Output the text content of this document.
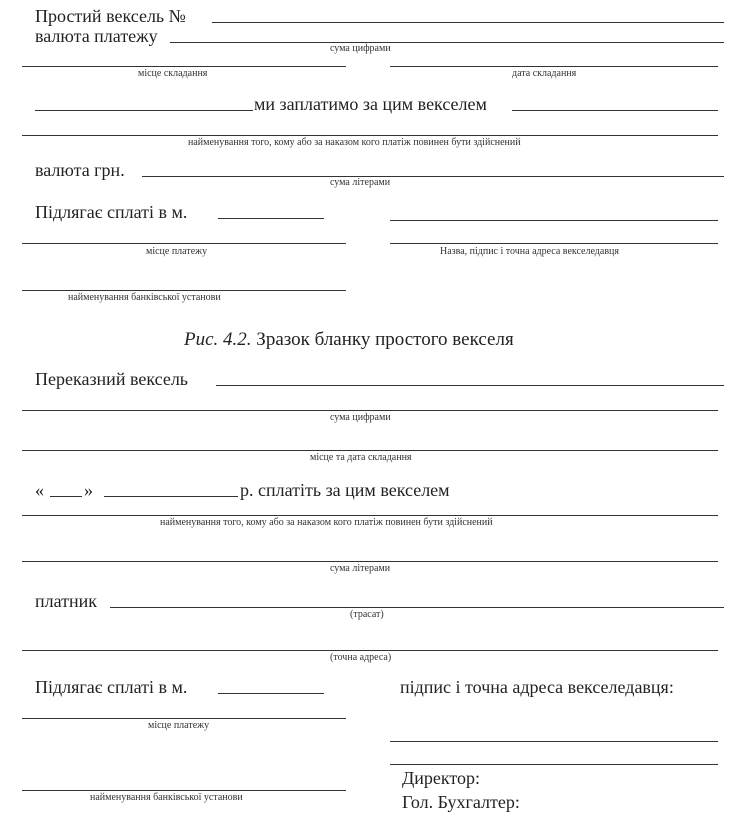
Простий вексель №
валюта платежу
сума цифрами
місце складання	дата складання
ми заплатимо за цим векселем
найменування того, кому або за наказом кого платіж повинен бути здійснений
валюта грн.
сума літерами
Підлягає сплаті в м.
місце платежу	Назва, підпис і точна адреса векселедавця
найменування банківської установи
Рис. 4.2. Зразок бланку простого векселя
Переказний вексель
сума цифрами
місце та дата складання
« »	р. сплатіть за цим векселем
найменування того, кому або за наказом кого платіж повинен бути здійснений
сума літерами
платник
(трасат)
(точна адреса)
Підлягає сплаті в м.	підпис і точна адреса векселедавця:
місце платежу
Директор:
найменування банківської установи	Гол. Бухгалтер:
